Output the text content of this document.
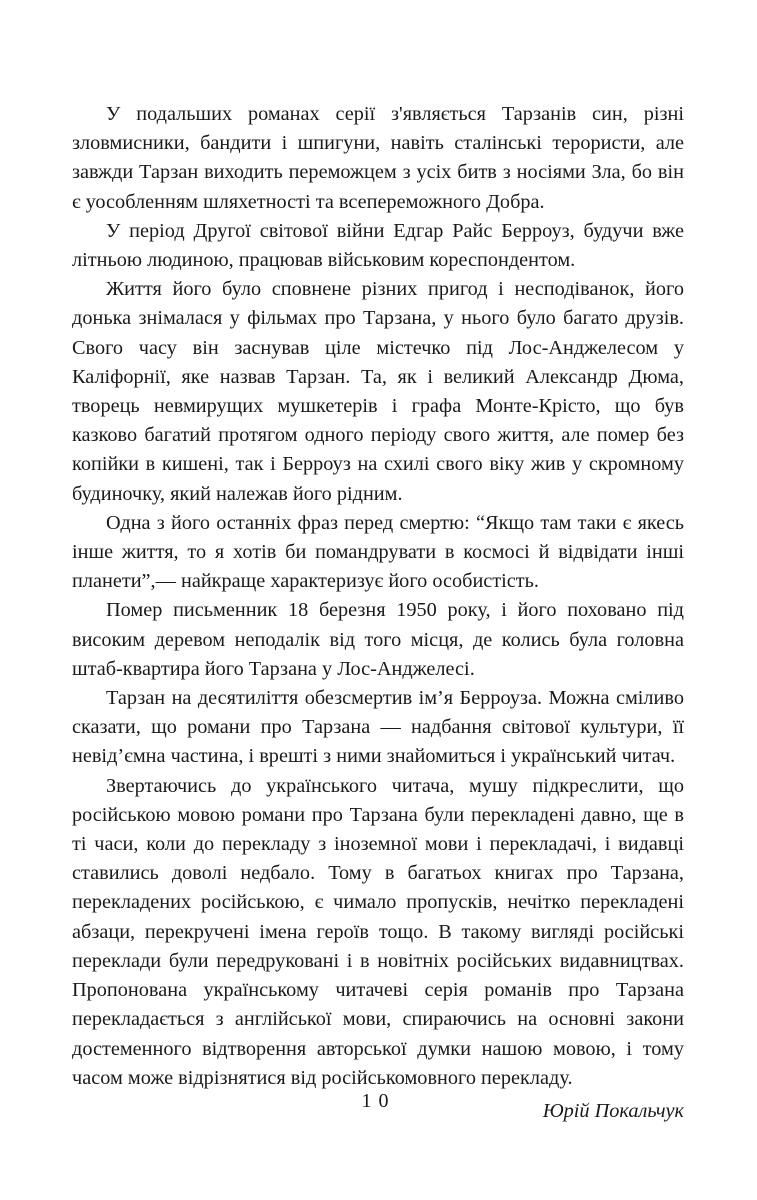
У подальших романах серії з'являється Тарзанів син, різні зловмисники, бандити і шпигуни, навіть сталінські терористи, але завжди Тарзан виходить переможцем з усіх битв з носіями Зла, бо він є уособленням шляхетності та всепереможного Добра.

У період Другої світової війни Едгар Райс Берроуз, будучи вже літньою людиною, працював військовим кореспондентом.

Життя його було сповнене різних пригод і несподіванок, його донька знімалася у фільмах про Тарзана, у нього було багато друзів. Свого часу він заснував ціле містечко під Лос-Анджелесом у Каліфорнії, яке назвав Тарзан. Та, як і великий Александр Дюма, творець невмирущих мушкетерів і графа Монте-Крісто, що був казково багатий протягом одного періоду свого життя, але помер без копійки в кишені, так і Берроуз на схилі свого віку жив у скромному будиночку, який належав його рідним.

Одна з його останніх фраз перед смертю: “Якщо там таки є якесь інше життя, то я хотів би помандрувати в космосі й відвідати інші планети”,— найкраще характеризує його особистість.

Помер письменник 18 березня 1950 року, і його поховано під високим деревом неподалік від того місця, де колись була головна штаб-квартира його Тарзана у Лос-Анджелесі.

Тарзан на десятиліття обезсмертив ім’я Берроуза. Можна сміливо сказати, що романи про Тарзана — надбання світової культури, її невід’ємна частина, і врешті з ними знайомиться і український читач.

Звертаючись до українського читача, мушу підкреслити, що російською мовою романи про Тарзана були перекладені давно, ще в ті часи, коли до перекладу з іноземної мови і перекладачі, і видавці ставились доволі недбало. Тому в багатьох книгах про Тарзана, перекладених російською, є чимало пропусків, нечітко перекладені абзаци, перекручені імена героїв тощо. В такому вигляді російські переклади були передруковані і в новітніх російських видавництвах. Пропонована українському читачеві серія романів про Тарзана перекладається з англійської мови, спираючись на основні закони достеменного відтворення авторської думки нашою мовою, і тому часом може відрізнятися від російськомовного перекладу.

Юрій Покальчук

10
